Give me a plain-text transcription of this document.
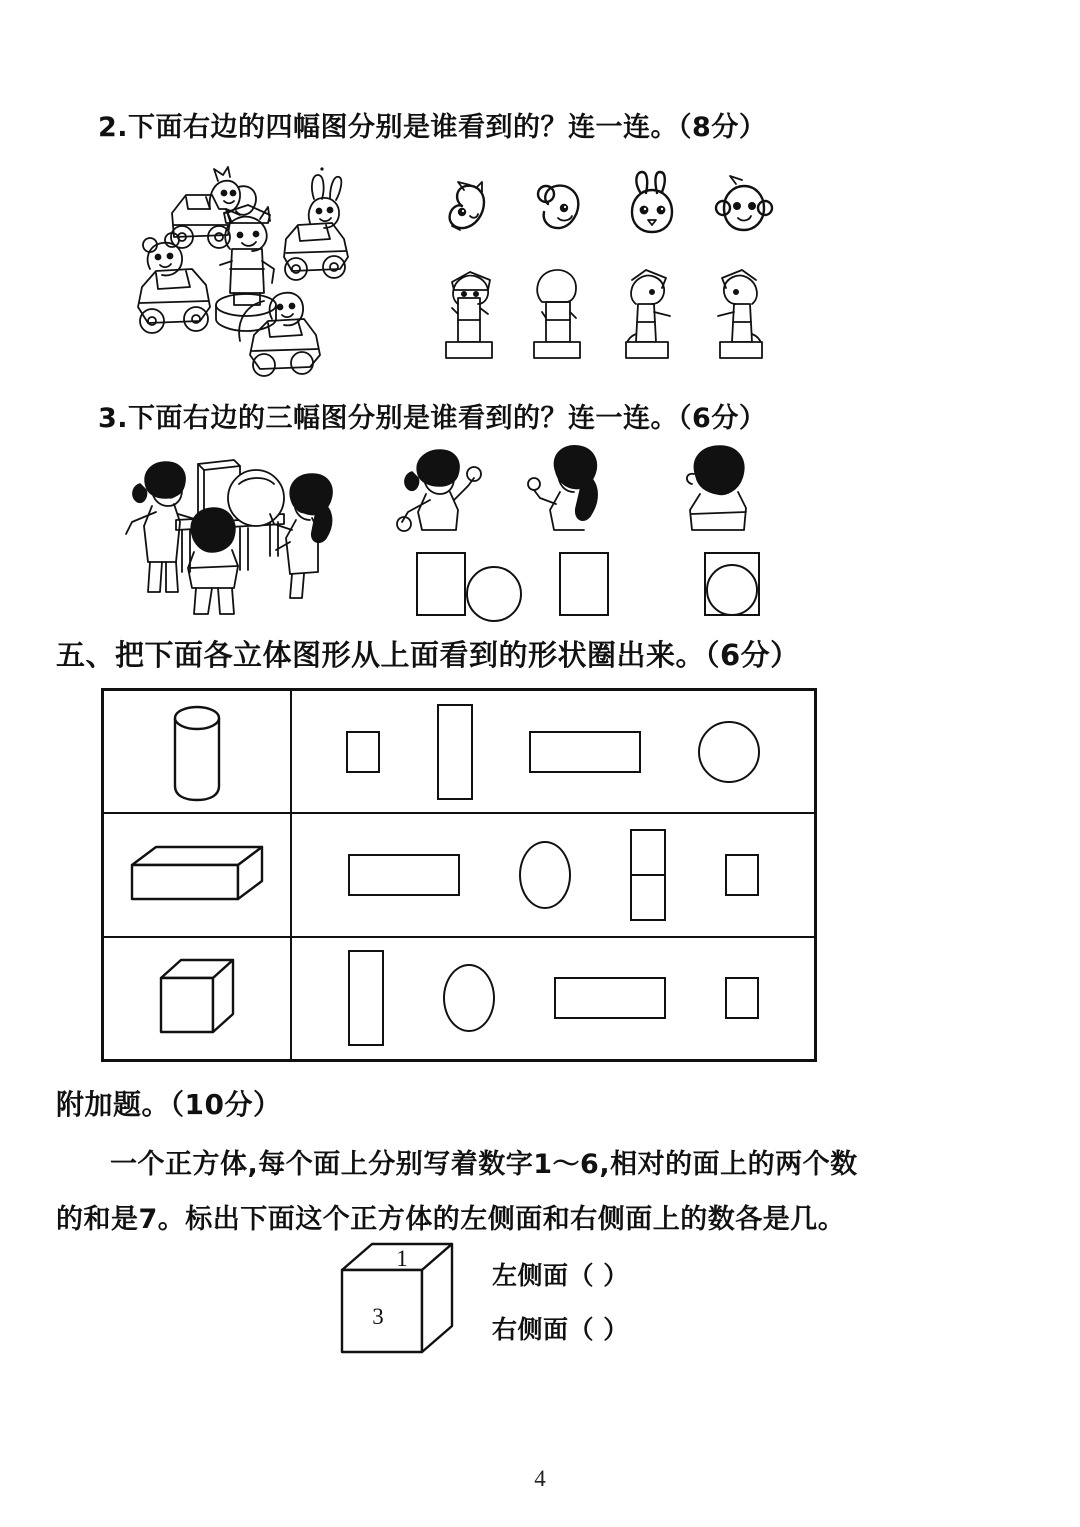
2.下面右边的四幅图分别是谁看到的？连一连。（8分）
3.下面右边的三幅图分别是谁看到的？连一连。（6分）
五、把下面各立体图形从上面看到的形状圈出来。（6分）
附加题。（10分）
一个正方体,每个面上分别写着数字1～6,相对的面上的两个数
的和是7。标出下面这个正方体的左侧面和右侧面上的数各是几。
1
3
左侧面（ ）
右侧面（ ）
4
